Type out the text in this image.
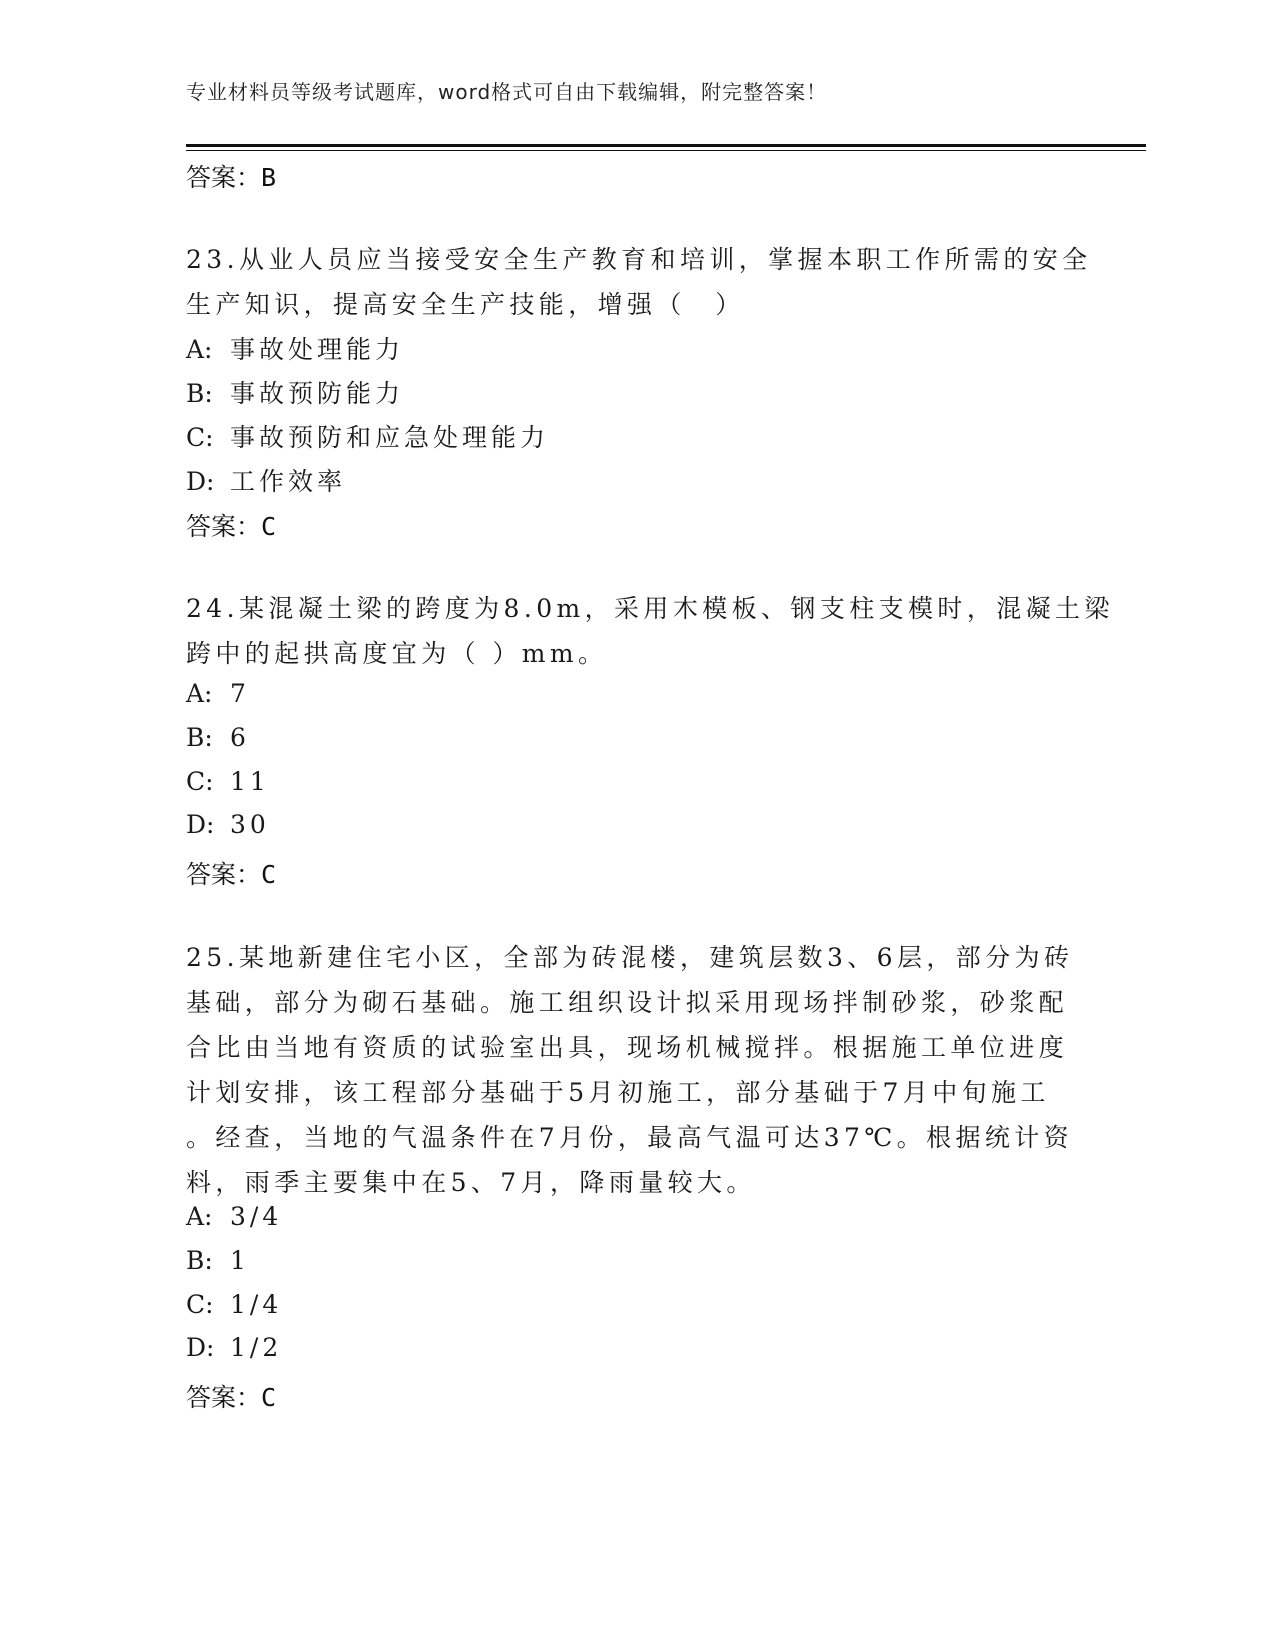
专业材料员等级考试题库，word格式可自由下载编辑，附完整答案！
答案：B
23.从业人员应当接受安全生产教育和培训，掌握本职工作所需的安全
生产知识，提高安全生产技能，增强（　）
A: 事故处理能力
B: 事故预防能力
C: 事故预防和应急处理能力
D: 工作效率
答案：C
24.某混凝土梁的跨度为8.0m，采用木模板、钢支柱支模时，混凝土梁
跨中的起拱高度宜为（ ）mm。
A: 7
B: 6
C: 11
D: 30
答案：C
25.某地新建住宅小区，全部为砖混楼，建筑层数3、6层，部分为砖
基础，部分为砌石基础。施工组织设计拟采用现场拌制砂浆，砂浆配
合比由当地有资质的试验室出具，现场机械搅拌。根据施工单位进度
计划安排，该工程部分基础于5月初施工，部分基础于7月中旬施工
。经查，当地的气温条件在7月份，最高气温可达37℃。根据统计资
料，雨季主要集中在5、7月，降雨量较大。
A: 3/4
B: 1
C: 1/4
D: 1/2
答案：C
